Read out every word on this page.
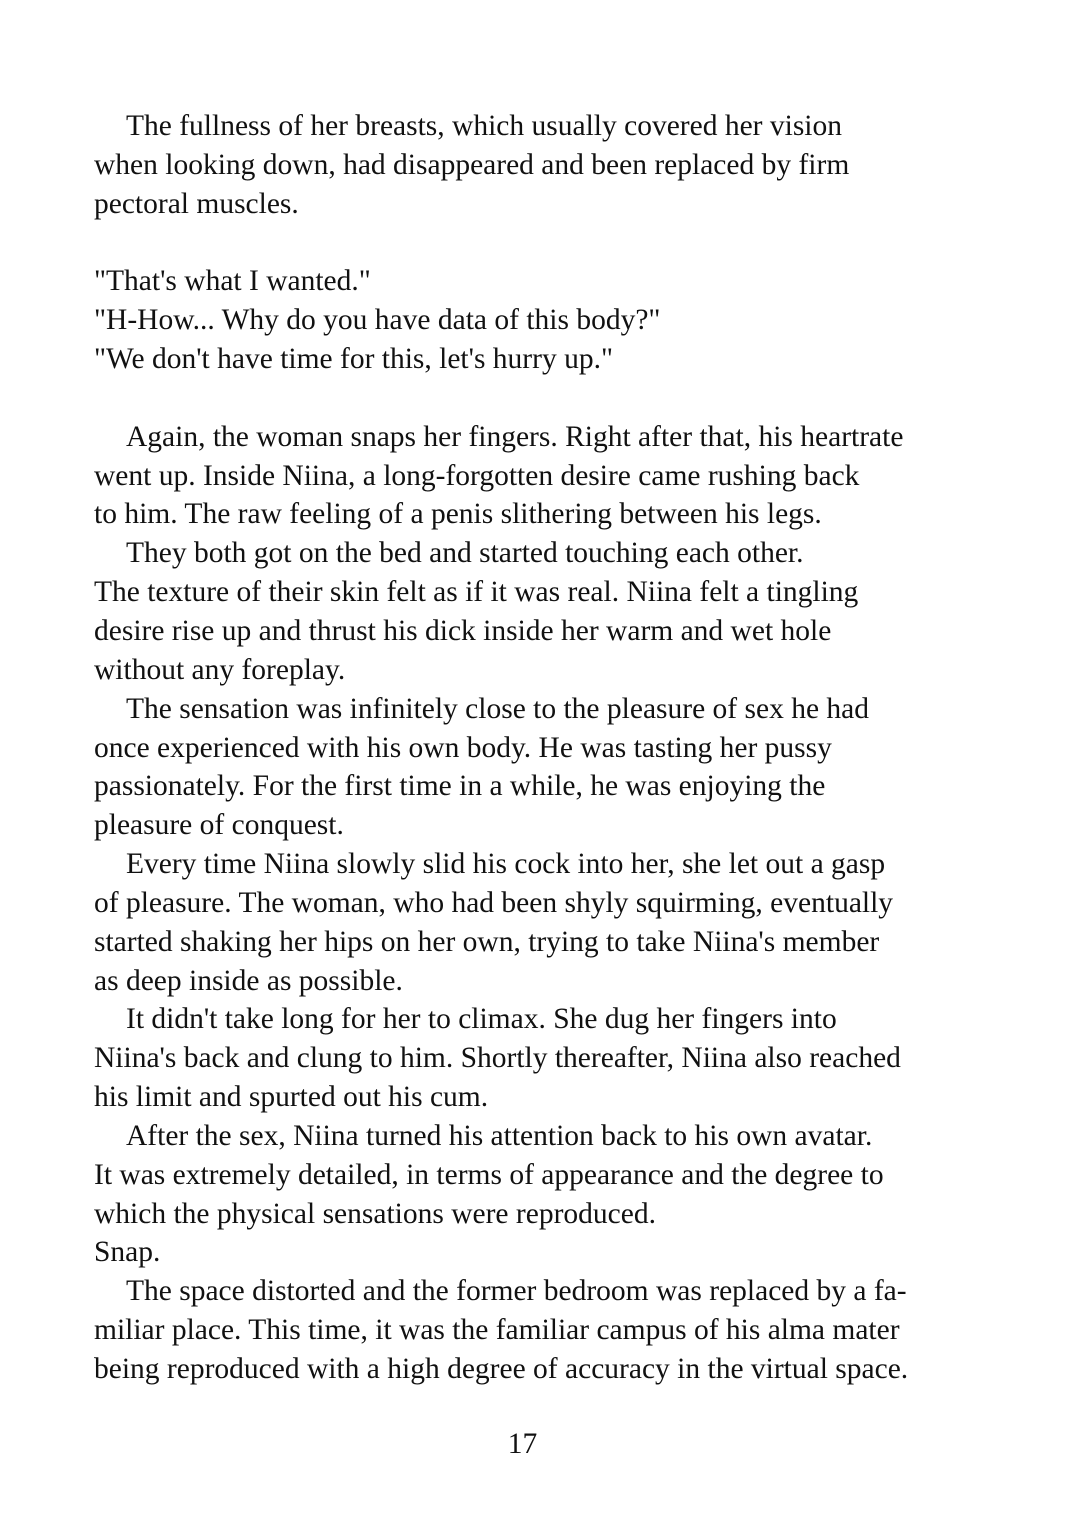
The fullness of her breasts, which usually covered her vision
when looking down, had disappeared and been replaced by firm
pectoral muscles.
"That's what I wanted."
"H-How... Why do you have data of this body?"
"We don't have time for this, let's hurry up."
Again, the woman snaps her fingers. Right after that, his heartrate
went up. Inside Niina, a long-forgotten desire came rushing back
to him. The raw feeling of a penis slithering between his legs.
They both got on the bed and started touching each other.
The texture of their skin felt as if it was real. Niina felt a tingling
desire rise up and thrust his dick inside her warm and wet hole
without any foreplay.
The sensation was infinitely close to the pleasure of sex he had
once experienced with his own body. He was tasting her pussy
passionately. For the first time in a while, he was enjoying the
pleasure of conquest.
Every time Niina slowly slid his cock into her, she let out a gasp
of pleasure. The woman, who had been shyly squirming, eventually
started shaking her hips on her own, trying to take Niina's member
as deep inside as possible.
It didn't take long for her to climax. She dug her fingers into
Niina's back and clung to him. Shortly thereafter, Niina also reached
his limit and spurted out his cum.
After the sex, Niina turned his attention back to his own avatar.
It was extremely detailed, in terms of appearance and the degree to
which the physical sensations were reproduced.
Snap.
The space distorted and the former bedroom was replaced by a fa-
miliar place. This time, it was the familiar campus of his alma mater
being reproduced with a high degree of accuracy in the virtual space.
17
